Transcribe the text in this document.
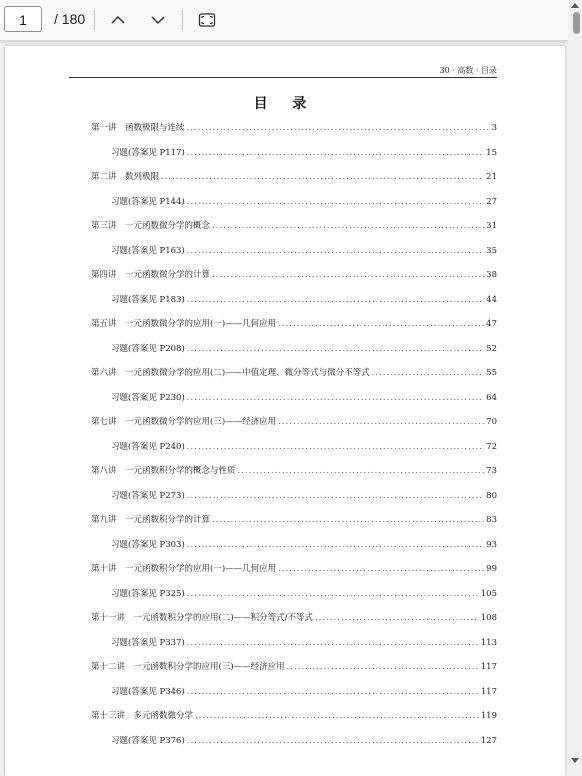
1	/ 180
30 · 高数 · 目录
目 录
第一讲　函数极限与连续 .....	3
习题(答案见 P117) .....	15
第二讲　数列极限 .....	21
习题(答案见 P144) .....	27
第三讲　一元函数微分学的概念 .....	31
习题(答案见 P163) .....	35
第四讲　一元函数微分学的计算 .....	38
习题(答案见 P183) .....	44
第五讲　一元函数微分学的应用(一)——几何应用 .....	47
习题(答案见 P208) .....	52
第六讲　一元函数微分学的应用(二)——中值定理、微分等式与微分不等式 .....	55
习题(答案见 P230) .....	64
第七讲　一元函数微分学的应用(三)——经济应用 .....	70
习题(答案见 P240) .....	72
第八讲　一元函数积分学的概念与性质 .....	73
习题(答案见 P273) .....	80
第九讲　一元函数积分学的计算 .....	83
习题(答案见 P303) .....	93
第十讲　一元函数积分学的应用(一)——几何应用 .....	99
习题(答案见 P325) .....	105
第十一讲　一元函数积分学的应用(二)——积分等式/不等式 .....	108
习题(答案见 P337) .....	113
第十二讲　一元函数积分学的应用(三)——经济应用 .....	117
习题(答案见 P346) .....	117
第十三讲　多元函数微分学 .....	119
习题(答案见 P376) .....	127
